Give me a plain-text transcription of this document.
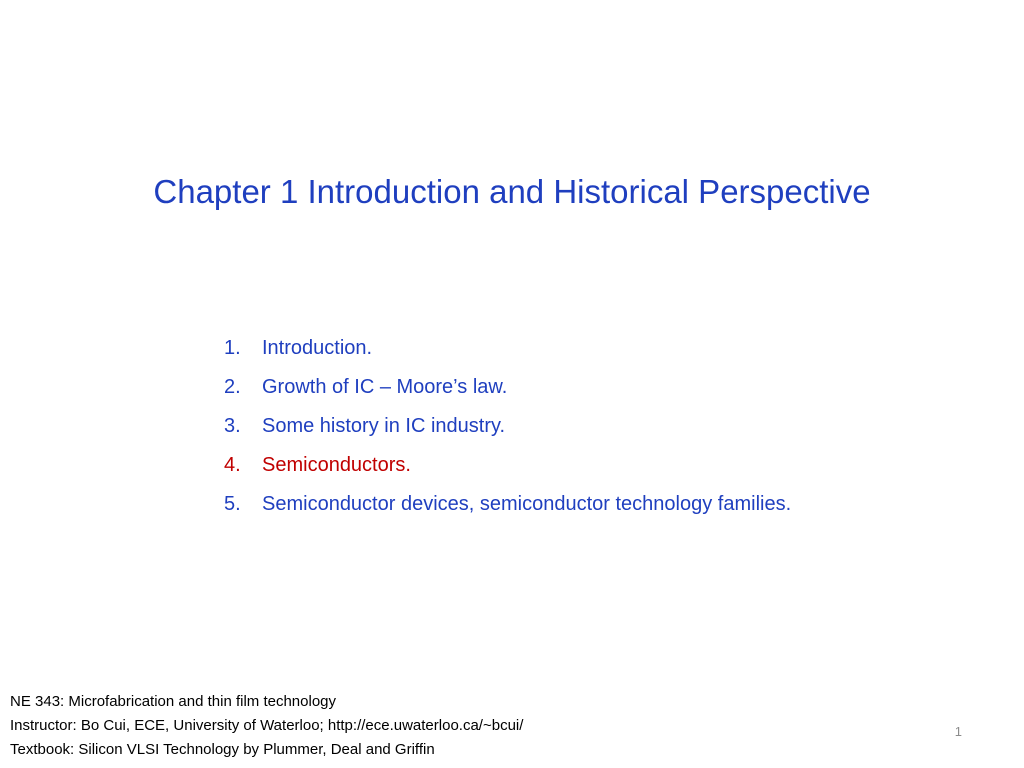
Chapter 1 Introduction and Historical Perspective
1.	Introduction.
2.	Growth of IC – Moore’s law.
3.	Some history in IC industry.
4.	Semiconductors.
5.	Semiconductor devices, semiconductor technology families.
NE 343: Microfabrication and thin film technology
Instructor: Bo Cui, ECE, University of Waterloo; http://ece.uwaterloo.ca/~bcui/
Textbook: Silicon VLSI Technology by Plummer, Deal and Griffin
1
